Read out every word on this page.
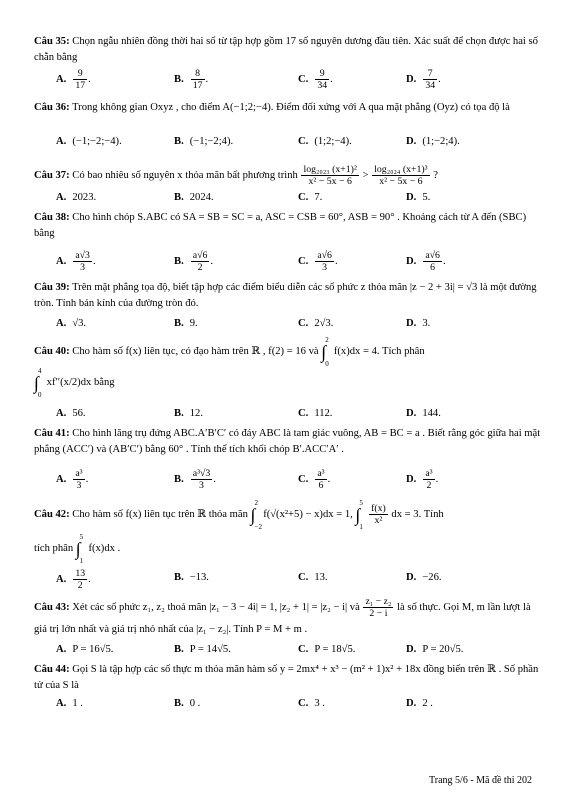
Câu 35: Chọn ngẫu nhiên đồng thời hai số từ tập hợp gồm 17 số nguyên dương đầu tiên. Xác suất để chọn được hai số chẵn bằng

A. $\frac{9}{17}$ .	B. $\frac{8}{17}$ .	C. $\frac{9}{34}$ .	D. $\frac{7}{34}$ .

Câu 36: Trong không gian Oxyz , cho điểm A(−1;2;−4). Điểm đối xứng với A qua mặt phẳng (Oyz) có tọa độ là

A. (−1;−2;−4).	B. (−1;−2;4).	C. (1;2;−4).	D. (1;−2;4).

Câu 37: Có bao nhiêu số nguyên x thỏa mãn bất phương trình $\frac{\text{log₂₀₂₃ (x+1)²}}{\text{x² − 5x − 6}} > \frac{\text{log₂₀₂₄ (x+1)³}}{\text{x² − 5x − 6}}$ ?

A. 2023.	B. 2024.	C. 7.	D. 5.

Câu 38: Cho hình chóp S.ABC có SA = SB = SC = a, ASC = CSB = 60°, ASB = 90° . Khoảng cách từ A đến (SBC) bằng

A. $\frac{a√3}{3}$ .	B. $\frac{a√6}{2}$ .	C. $\frac{a√6}{3}$ .	D. $\frac{a√6}{6}$ .

Câu 39: Trên mặt phẳng tọa độ, biết tập hợp các điểm biểu diễn các số phức z thỏa mãn |z − 2 + 3i| = √3 là một đường tròn. Tính bán kính của đường tròn đó.

A. √3.	B. 9.	C. 2√3.	D. 3.

Câu 40: Cho hàm số f(x) liên tục, có đạo hàm trên ℝ , f(2) = 16 và ∫
2
0
f(x)dx = 4. Tích phân

∫
4
0
xf′′(x/2)dx bằng

A. 56.	B. 12.	C. 112.	D. 144.

Câu 41: Cho hình lăng trụ đứng ABC.A′B′C′ có đáy ABC là tam giác vuông, AB = BC = a . Biết rằng góc giữa hai mặt phẳng (ACC′) và (AB′C′) bằng 60° . Tính thể tích khối chóp B′.ACC′A′ .

A. $\frac{\text{a³}}{3}$ .	B. $\frac{\text{a³√3}}{3}$ .	C. $\frac{\text{a³}}{6}$ .	D. $\frac{\text{a³}}{2}$ .

Câu 42: Cho hàm số f(x) liên tục trên ℝ thỏa mãn ∫
2
−2
f(√(x²+5) − x)dx = 1, ∫
5
1

$\frac{f(x)}{\text{x²}}$ dx = 3. Tính

tích phân ∫
5
1
f(x)dx .

A. $\frac{13}{2}$ .	B. −13.	C. 13.	D. −26.

Câu 43: Xét các số phức z₁, z₂ thoả mãn |z₁ − 3 − 4i| = 1, |z₂ + 1| = |z₂ − i| và $\frac{\text{z₁ − z₂}}{2 - i}$ là số thực. Gọi M, m lần lượt là giá trị lớn nhất và giá trị nhỏ nhất của |z₁ − z₂|. Tính P = M + m .

A. P = 16√5.	B. P = 14√5.	C. P = 18√5.	D. P = 20√5.

Câu 44: Gọi S là tập hợp các số thực m thỏa mãn hàm số y = 2mx⁴ + x³ − (m² + 1)x² + 18x đồng biến trên ℝ . Số phần tử của S là

A. 1 .	B. 0 .	C. 3 .	D. 2 .
Trang 5/6 - Mã đề thi 202
